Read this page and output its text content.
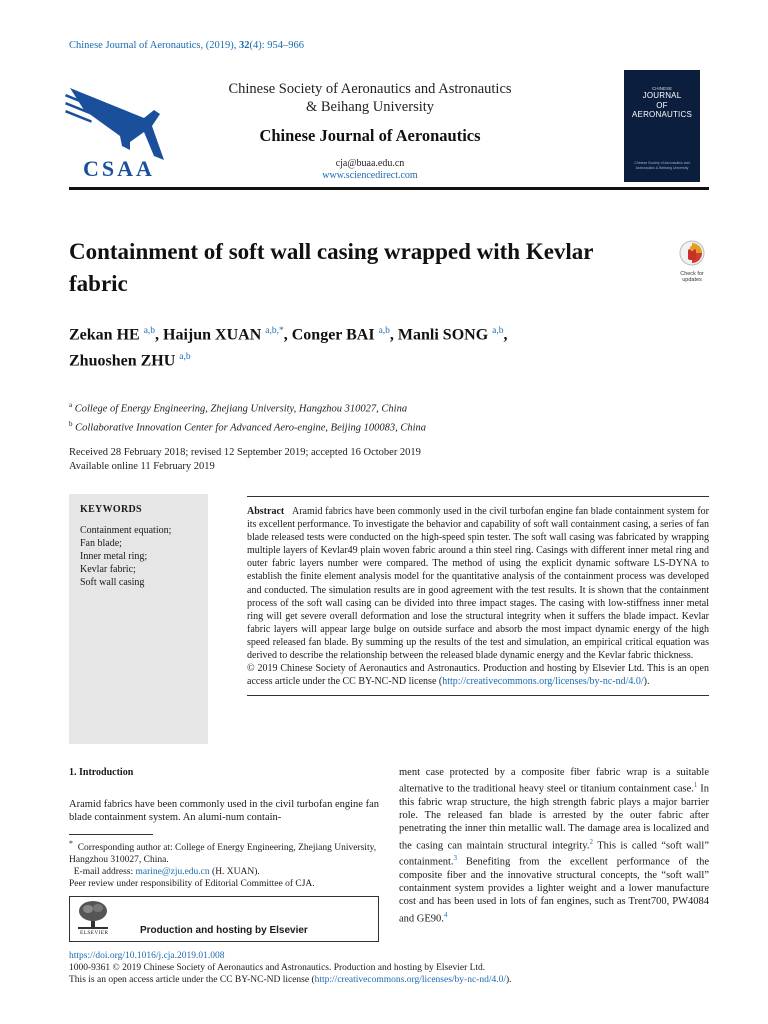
Chinese Journal of Aeronautics, (2019), 32(4): 954–966
CSAA
Chinese Society of Aeronautics and Astronautics
& Beihang University
Chinese Journal of Aeronautics
cja@buaa.edu.cn
www.sciencedirect.com
CHINESE
JOURNAL
OF
AERONAUTICS
Chinese Society of Aeronautics and Astronautics & Beihang University
Containment of soft wall casing wrapped with Kevlar fabric	Check for updates
Zekan HE $^{a,b}$, Haijun XUAN $^{a,b,*}$, Conger BAI $^{a,b}$, Manli SONG $^{a,b}$,
Zhuoshen ZHU $^{a,b}$
$^a$ College of Energy Engineering, Zhejiang University, Hangzhou 310027, China
$^b$ Collaborative Innovation Center for Advanced Aero-engine, Beijing 100083, China
Received 28 February 2018; revised 12 September 2019; accepted 16 October 2019
Available online 11 February 2019
KEYWORDS
Containment equation;
Fan blade;
Inner metal ring;
Kevlar fabric;
Soft wall casing
Abstract Aramid fabrics have been commonly used in the civil turbofan engine fan blade containment system for its excellent performance. To investigate the behavior and capability of soft wall containment casing, a series of fan blade released tests were conducted on the high-speed spin tester. The soft wall casing was fabricated by wrapping multiple layers of Kevlar49 plain woven fabric around a thin steel ring. Casings with different inner metal ring and outer fabric layers number were compared. The method of using the explicit dynamic software LS-DYNA to establish the finite element analysis model for the quantitative analysis of the containment process was developed and conducted. The simulation results are in good agreement with the test results. It is shown that the containment process of the soft wall casing can be divided into three impact stages. The casing with low-stiffness inner metal ring will get severe overall deformation and lose the structural integrity when it suffers the blade impact. Kevlar fabric layers will appear large bulge on outside surface and absorb the most impact dynamic energy of the high speed released fan blade. By summing up the results of the test and simulation, an empirical critical equation was derived to describe the relationship between the released blade dynamic energy and the Kevlar fabric thickness.
© 2019 Chinese Society of Aeronautics and Astronautics. Production and hosting by Elsevier Ltd. This is an open access article under the CC BY-NC-ND license (http://creativecommons.org/licenses/by-nc-nd/4.0/).
1. Introduction
Aramid fabrics have been commonly used in the civil turbofan engine fan blade containment system. An alumi-num contain-
* Corresponding author at: College of Energy Engineering, Zhejiang University, Hangzhou 310027, China.
E-mail address: marine@zju.edu.cn (H. XUAN).
Peer review under responsibility of Editorial Committee of CJA.
ELSEVIER	Production and hosting by Elsevier
ment case protected by a composite fiber fabric wrap is a suitable alternative to the traditional heavy steel or titanium containment case.$^1$ In this fabric wrap structure, the high strength fabric plays a major barrier role. The released fan blade is arrested by the outer fabric after penetrating the inner thin metallic wall. The damage area is localized and the casing can maintain structural integrity.$^2$ This is called “soft wall” containment.$^3$ Benefiting from the excellent performance of the composite fiber and the innovative structural concepts, the “soft wall” containment system provides a lighter weight and a lower manufacture cost and has been used in lots of fan engines, such as Trent700, PW4084 and GE90.$^4$
https://doi.org/10.1016/j.cja.2019.01.008
1000-9361 © 2019 Chinese Society of Aeronautics and Astronautics. Production and hosting by Elsevier Ltd.
This is an open access article under the CC BY-NC-ND license (http://creativecommons.org/licenses/by-nc-nd/4.0/).
